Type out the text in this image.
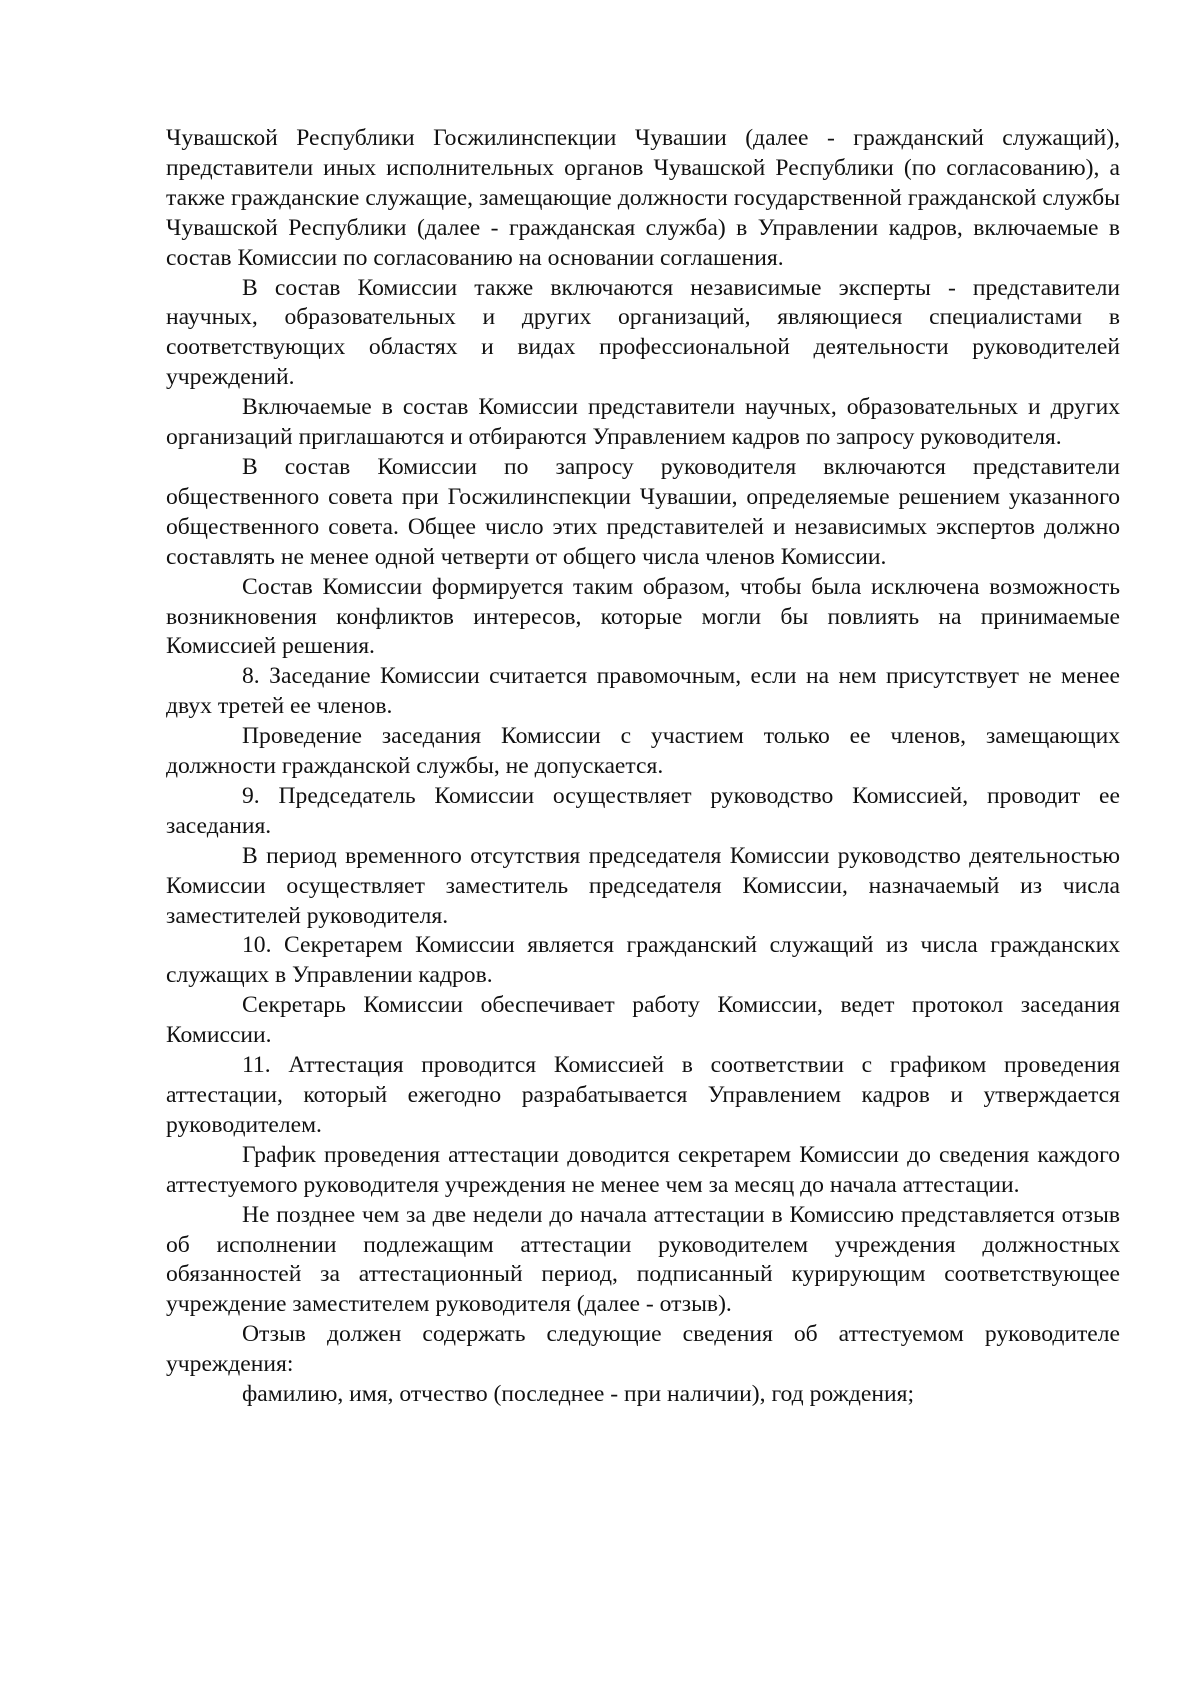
Чувашской Республики Госжилинспекции Чувашии (далее - гражданский служащий), представители иных исполнительных органов Чувашской Республики (по согласованию), а также гражданские служащие, замещающие должности государственной гражданской службы Чувашской Республики (далее - гражданская служба) в Управлении кадров, включаемые в состав Комиссии по согласованию на основании соглашения.

В состав Комиссии также включаются независимые эксперты - представители научных, образовательных и других организаций, являющиеся специалистами в соответствующих областях и видах профессиональной деятельности руководителей учреждений.

Включаемые в состав Комиссии представители научных, образовательных и других организаций приглашаются и отбираются Управлением кадров по запросу руководителя.

В состав Комиссии по запросу руководителя включаются представители общественного совета при Госжилинспекции Чувашии, определяемые решением указанного общественного совета. Общее число этих представителей и независимых экспертов должно составлять не менее одной четверти от общего числа членов Комиссии.

Состав Комиссии формируется таким образом, чтобы была исключена возможность возникновения конфликтов интересов, которые могли бы повлиять на принимаемые Комиссией решения.

8. Заседание Комиссии считается правомочным, если на нем присутствует не менее двух третей ее членов.

Проведение заседания Комиссии с участием только ее членов, замещающих должности гражданской службы, не допускается.

9. Председатель Комиссии осуществляет руководство Комиссией, проводит ее заседания.

В период временного отсутствия председателя Комиссии руководство деятельностью Комиссии осуществляет заместитель председателя Комиссии, назначаемый из числа заместителей руководителя.

10. Секретарем Комиссии является гражданский служащий из числа гражданских служащих в Управлении кадров.

Секретарь Комиссии обеспечивает работу Комиссии, ведет протокол заседания Комиссии.

11. Аттестация проводится Комиссией в соответствии с графиком проведения аттестации, который ежегодно разрабатывается Управлением кадров и утверждается руководителем.

График проведения аттестации доводится секретарем Комиссии до сведения каждого аттестуемого руководителя учреждения не менее чем за месяц до начала аттестации.

Не позднее чем за две недели до начала аттестации в Комиссию представляется отзыв об исполнении подлежащим аттестации руководителем учреждения должностных обязанностей за аттестационный период, подписанный курирующим соответствующее учреждение заместителем руководителя (далее - отзыв).

Отзыв должен содержать следующие сведения об аттестуемом руководителе учреждения:

фамилию, имя, отчество (последнее - при наличии), год рождения;
